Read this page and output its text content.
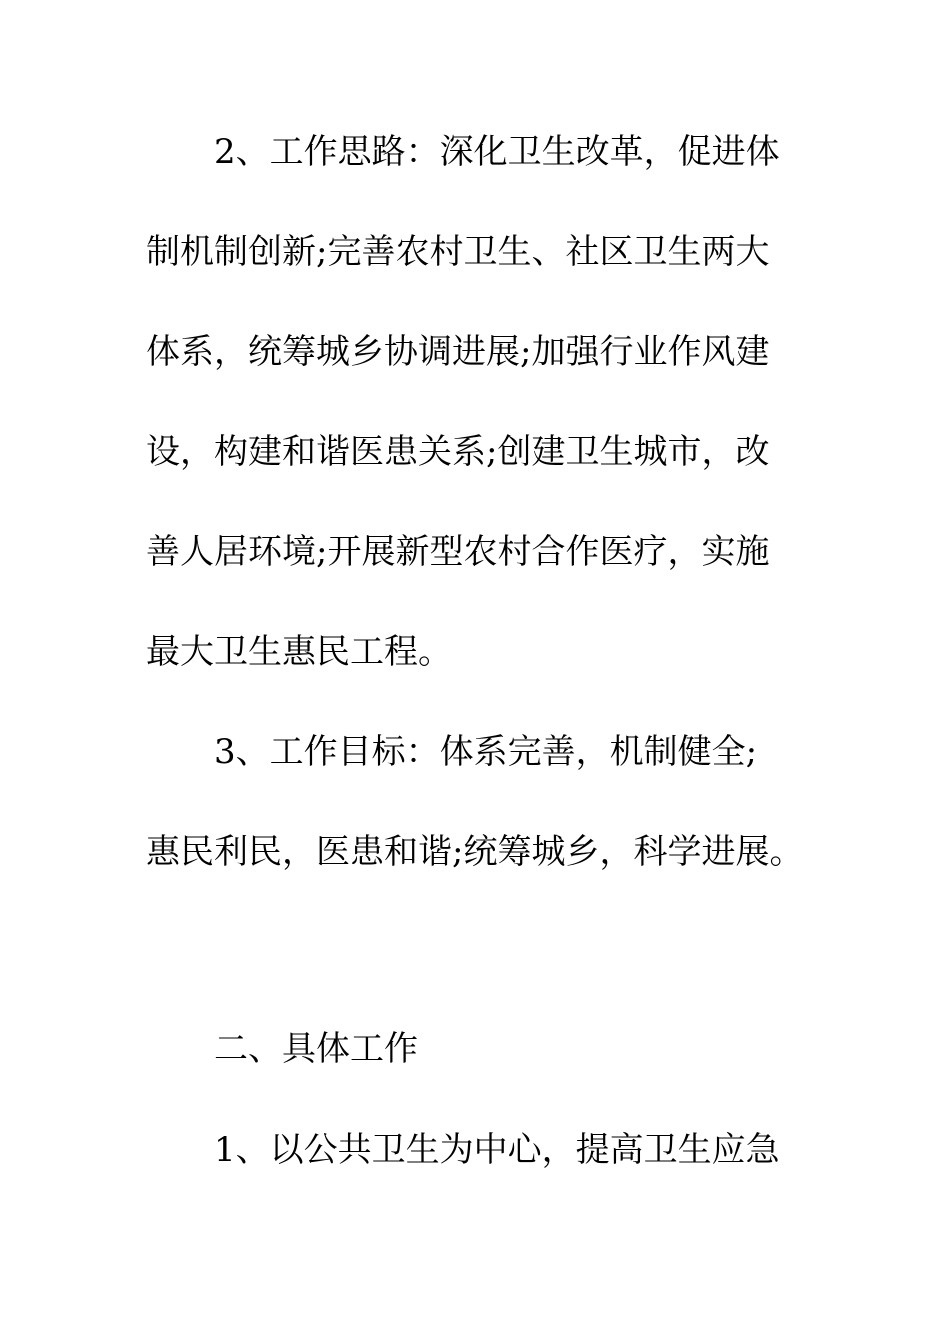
2、工作思路：深化卫生改革，促进体
制机制创新;完善农村卫生、社区卫生两大
体系，统筹城乡协调进展;加强行业作风建
设，构建和谐医患关系;创建卫生城市，改
善人居环境;开展新型农村合作医疗，实施
最大卫生惠民工程。
3、工作目标：体系完善，机制健全;
惠民利民，医患和谐;统筹城乡，科学进展。
二、具体工作
1、以公共卫生为中心，提高卫生应急
